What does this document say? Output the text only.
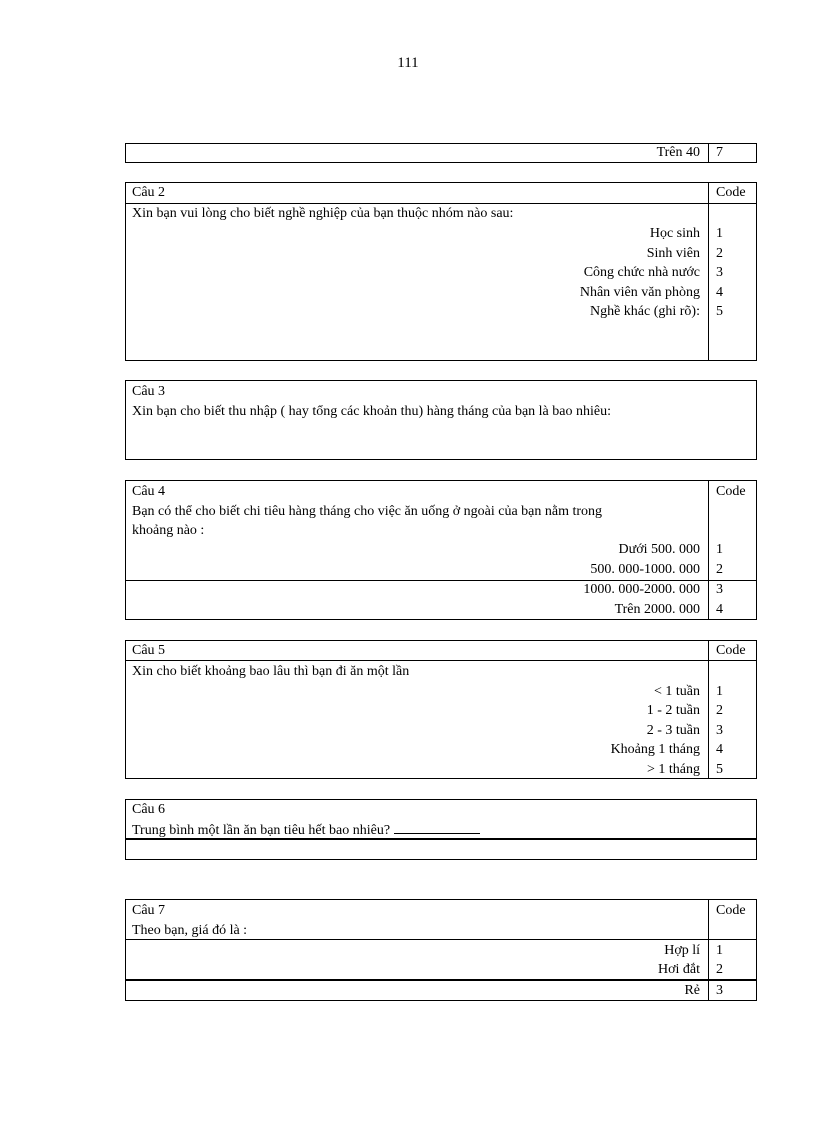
111
Trên 40 7
Câu 2	Code
Xin bạn vui lòng cho biết nghề nghiệp của bạn thuộc nhóm nào sau:
Học sinh 1
Sinh viên 2
Công chức nhà nước 3
Nhân viên văn phòng 4
Nghề khác (ghi rõ): 5
Câu 3
Xin bạn cho biết thu nhập ( hay tổng các khoản thu) hàng tháng của bạn là bao nhiêu:
Câu 4	Code
Bạn có thể cho biết chi tiêu hàng tháng cho việc ăn uống ở ngoài của bạn nằm trong
khoảng nào :
Dưới 500. 000 1
500. 000-1000. 000 2
1000. 000-2000. 000 3
Trên 2000. 000 4
Câu 5	Code
Xin cho biết khoảng bao lâu thì bạn đi ăn một lần
< 1 tuần 1
1 - 2 tuần 2
2 - 3 tuần 3
Khoảng 1 tháng 4
> 1 tháng 5
Câu 6
Trung bình một lần ăn bạn tiêu hết bao nhiêu?
Câu 7	Code
Theo bạn, giá đó là :
Hợp lí 1
Hơi đắt 2
Rẻ 3
